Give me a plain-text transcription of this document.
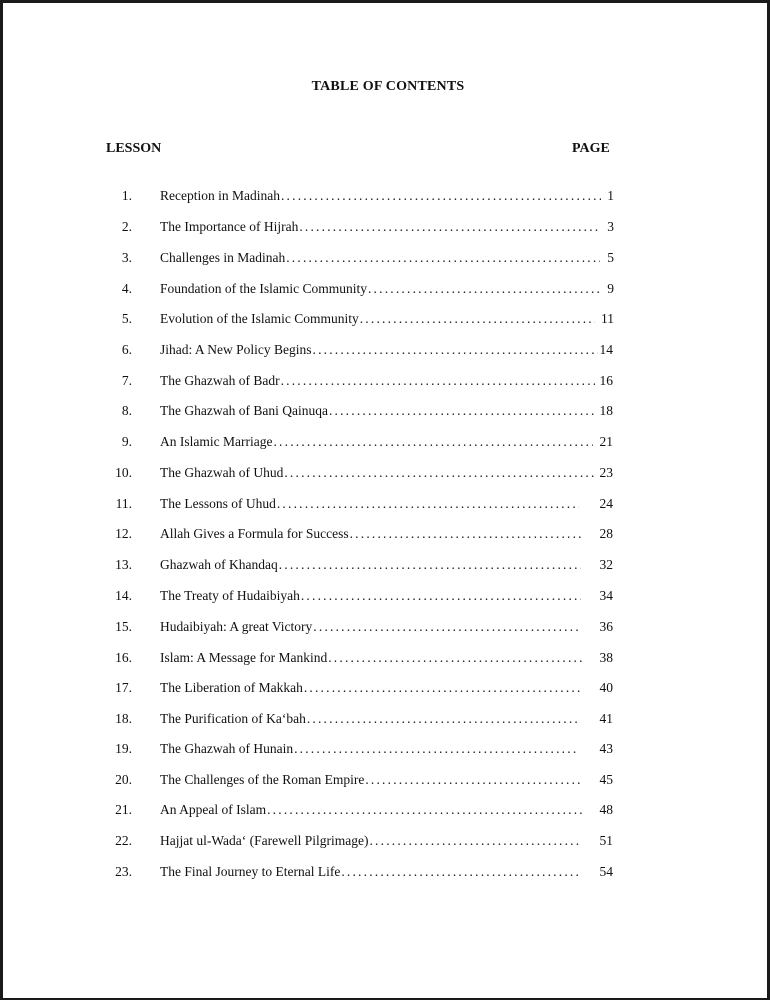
TABLE OF CONTENTS
LESSON	PAGE
1. Reception in Madinah .....	1
2. The Importance of Hijrah .....	3
3. Challenges in Madinah .....	5
4. Foundation of the Islamic Community .....	9
5. Evolution of the Islamic Community .....	11
6. Jihad: A New Policy Begins .....	14
7. The Ghazwah of Badr .....	16
8. The Ghazwah of Bani Qainuqa .....	18
9. An Islamic Marriage .....	21
10. The Ghazwah of Uhud .....	23
11. The Lessons of Uhud .....	24
12. Allah Gives a Formula for Success .....	28
13. Ghazwah of Khandaq .....	32
14. The Treaty of Hudaibiyah .....	34
15. Hudaibiyah: A great Victory .....	36
16. Islam: A Message for Mankind .....	38
17. The Liberation of Makkah .....	40
18. The Purification of Ka‘bah .....	41
19. The Ghazwah of Hunain .....	43
20. The Challenges of the Roman Empire .....	45
21. An Appeal of Islam .....	48
22. Hajjat ul-Wada‘ (Farewell Pilgrimage) .....	51
23. The Final Journey to Eternal Life .....	54
